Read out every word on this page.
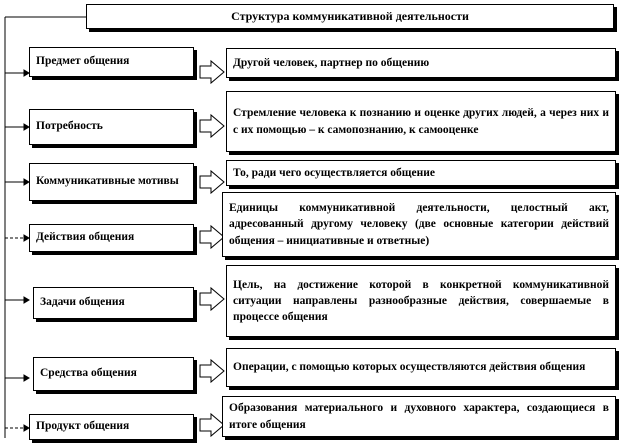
Структура коммуникативной деятельности
Предмет общения	Другой человек, партнер по общению
Потребность
Стремление человека к познанию и оценке других людей, а через них и с их помощью – к самопознанию, к самооценке
Коммуникативные мотивы
То, ради чего осуществляется общение
Действия общения
Единицы коммуникативной деятельности, целостный акт, адресованный другому человеку (две основные категории действий общения – инициативные и ответные)
Задачи общения
Цель, на достижение которой в конкретной коммуникативной ситуации направлены разнообразные действия, совершаемые в процессе общения
Средства общения	Операции, с помощью которых осуществляются действия общения
Продукт общения
Образования материального и духовного характера, создающиеся в итоге общения
